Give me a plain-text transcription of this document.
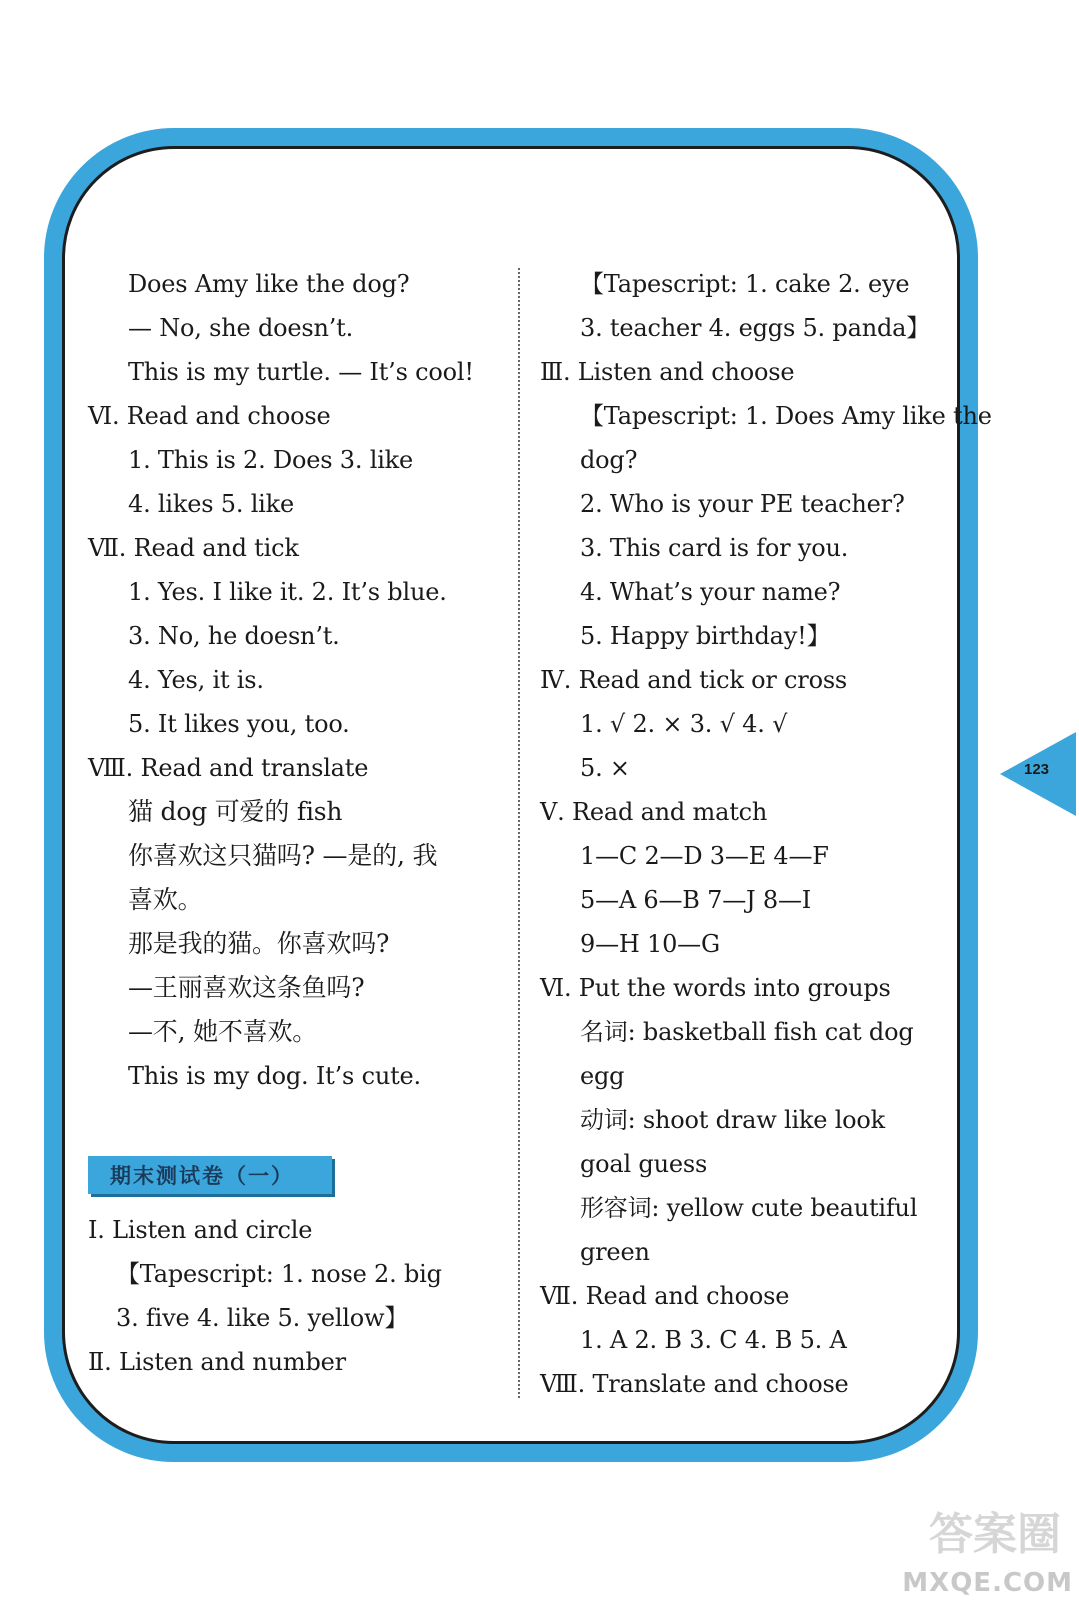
123
Does Amy like the dog?
— No, she doesn’t.
This is my turtle. — It’s cool!
Ⅵ. Read and choose
1. This is 2. Does 3. like
4. likes 5. like
Ⅶ. Read and tick
1. Yes. I like it. 2. It’s blue.
3. No, he doesn’t.
4. Yes, it is.
5. It likes you, too.
Ⅷ. Read and translate
猫 dog 可爱的 fish
你喜欢这只猫吗? —是的, 我
喜欢。
那是我的猫。你喜欢吗?
—王丽喜欢这条鱼吗?
—不, 她不喜欢。
This is my dog. It’s cute.
期末测试卷（一）
Ⅰ. Listen and circle
【Tapescript: 1. nose 2. big
3. five 4. like 5. yellow】
Ⅱ. Listen and number
【Tapescript: 1. cake 2. eye
3. teacher 4. eggs 5. panda】
Ⅲ. Listen and choose
【Tapescript: 1. Does Amy like the
dog?
2. Who is your PE teacher?
3. This card is for you.
4. What’s your name?
5. Happy birthday!】
Ⅳ. Read and tick or cross
1. √ 2. × 3. √ 4. √
5. ×
Ⅴ. Read and match
1—C 2—D 3—E 4—F
5—A 6—B 7—J 8—I
9—H 10—G
Ⅵ. Put the words into groups
名词: basketball fish cat dog
egg
动词: shoot draw like look
goal guess
形容词: yellow cute beautiful
green
Ⅶ. Read and choose
1. A 2. B 3. C 4. B 5. A
Ⅷ. Translate and choose
答案圈
MXQE.COM
